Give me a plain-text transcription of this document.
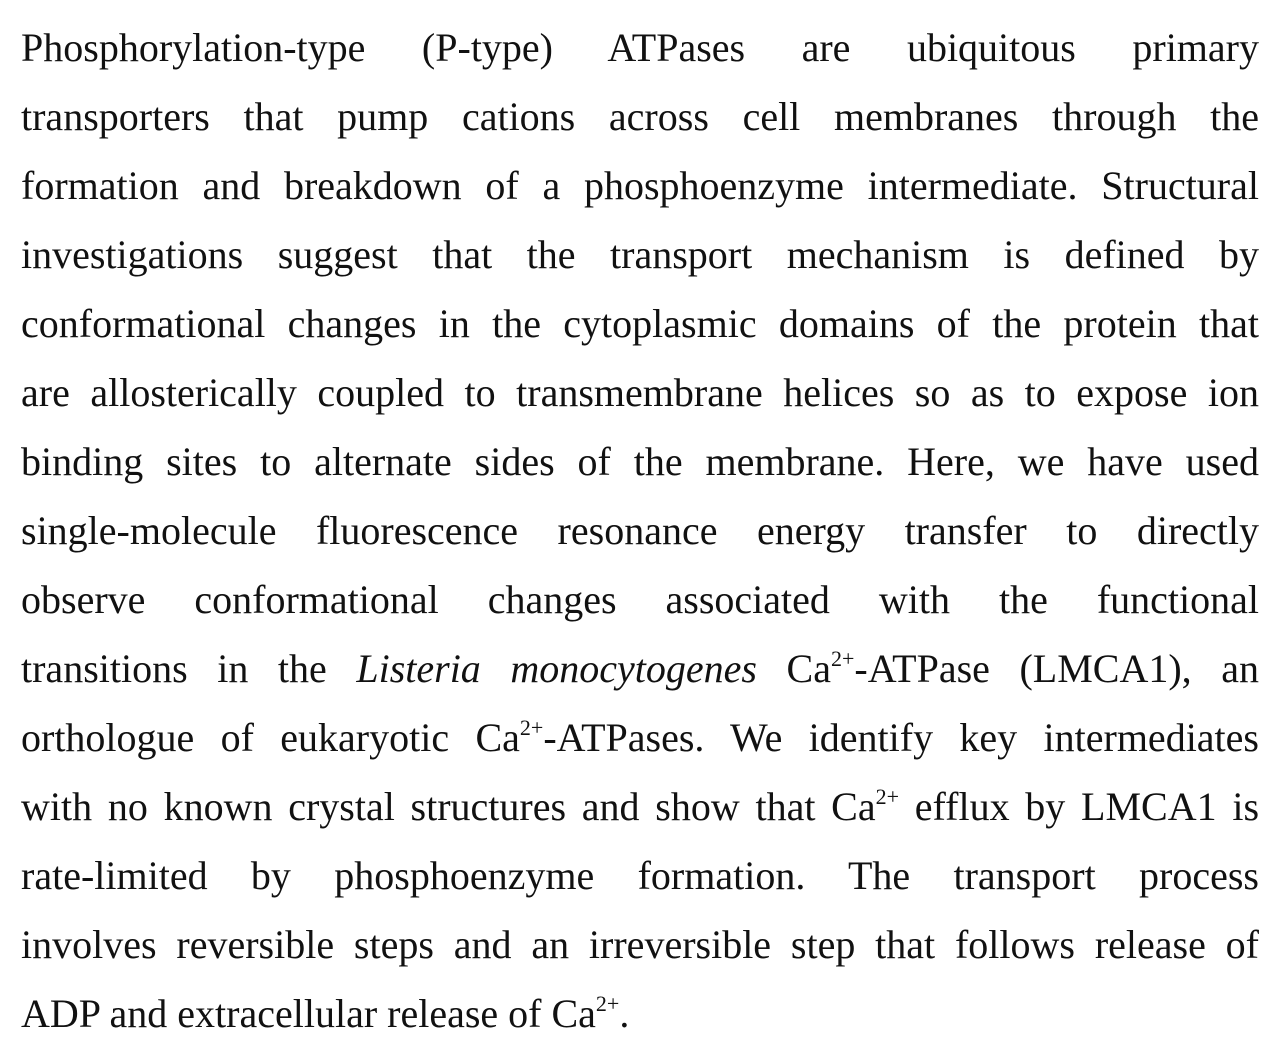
Phosphorylation-type (P-type) ATPases are ubiquitous primary
transporters that pump cations across cell membranes through the
formation and breakdown of a phosphoenzyme intermediate. Structural
investigations suggest that the transport mechanism is defined by
conformational changes in the cytoplasmic domains of the protein that
are allosterically coupled to transmembrane helices so as to expose ion
binding sites to alternate sides of the membrane. Here, we have used
single-molecule fluorescence resonance energy transfer to directly
observe conformational changes associated with the functional
transitions in the Listeria monocytogenes $Ca^{2+}$-ATPase (LMCA1), an
orthologue of eukaryotic $Ca^{2+}$-ATPases. We identify key intermediates
with no known crystal structures and show that $Ca^{2+}$ efflux by LMCA1 is
rate-limited by phosphoenzyme formation. The transport process
involves reversible steps and an irreversible step that follows release of
ADP and extracellular release of $Ca^{2+}$.
